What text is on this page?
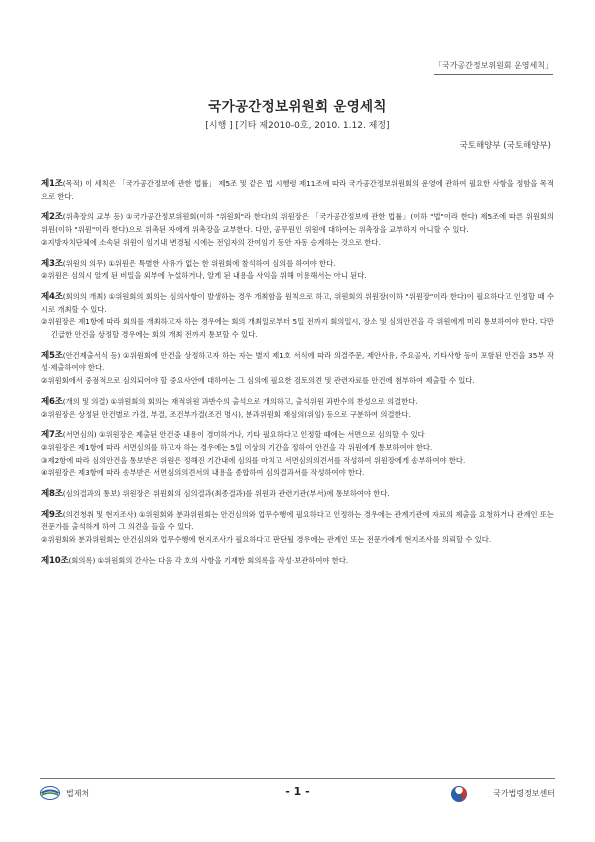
「국가공간정보위원회 운영세칙」
국가공간정보위원회 운영세칙
[시행 ] [기타 제2010-0호, 2010. 1.12. 제정]
국토해양부 (국토해양부)

제1조(목적) 이 세칙은 「국가공간정보에 관한 법률」 제5조 및 같은 법 시행령 제11조에 따라 국가공간정보위원회의 운영에 관하여 필요한 사항을 정함을 목적으로 한다.

제2조(위촉장의 교부 등) ①국가공간정보위원회(이하 "위원회"라 한다)의 위원장은 「국가공간정보에 관한 법률」(이하 "법"이라 한다) 제5조에 따른 위원회의 위원(이하 "위원"이라 한다)으로 위촉된 자에게 위촉장을 교부한다. 다만, 공무원인 위원에 대하여는 위촉장을 교부하지 아니할 수 있다.

②지방자치단체에 소속된 위원이 임기내 변경될 시에는 전임자의 잔여임기 동안 자동 승계하는 것으로 한다.

제3조(위원의 의무) ①위원은 특별한 사유가 없는 한 위원회에 참석하여 심의를 하여야 한다.

②위원은 심의시 알게 된 비밀을 외부에 누설하거나, 알게 된 내용을 사익을 위해 이용해서는 아니 된다.

제4조(회의의 개최) ①위원회의 회의는 심의사항이 발생하는 경우 개최함을 원칙으로 하고, 위원회의 위원장(이하 "위원장"이라 한다)이 필요하다고 인정할 때 수시로 개최할 수 있다.

②위원장은 제1항에 따라 회의를 개최하고자 하는 경우에는 회의 개최일로부터 5일 전까지 회의일시, 장소 및 심의안건을 각 위원에게 미리 통보하여야 한다. 다만 긴급한 안건을 상정할 경우에는 회의 개최 전까지 통보할 수 있다.

제5조(안건제출서식 등) ①위원회에 안건을 상정하고자 하는 자는 별지 제1호 서식에 따라 의결주문, 제안사유, 주요골자, 기타사항 등이 포함된 안건을 35부 작성·제출하여야 한다.

②위원회에서 중점적으로 심의되어야 할 중요사안에 대하여는 그 심의에 필요한 검토의견 및 관련자료를 안건에 첨부하여 제출할 수 있다.

제6조(개의 및 의결) ①위원회의 회의는 재적위원 과반수의 출석으로 개의하고, 출석위원 과반수의 찬성으로 의결한다.

②위원장은 상정된 안건별로 가결, 부결, 조건부가결(조건 명시), 분과위원회 재심의(위임) 등으로 구분하여 의결한다.

제7조(서면심의) ①위원장은 제출된 안건중 내용이 경미하거나, 기타 필요하다고 인정할 때에는 서면으로 심의할 수 있다

②위원장은 제1항에 따라 서면심의를 하고자 하는 경우에는 5일 이상의 기간을 정하여 안건을 각 위원에게 통보하여야 한다.

③제2항에 따라 심의안건을 통보받은 위원은 정해진 기간내에 심의를 마치고 서면심의의견서를 작성하여 위원장에게 송부하여야 한다.

④위원장은 제3항에 따라 송부받은 서면심의의견서의 내용을 종합하여 심의결과서를 작성하여야 한다.

제8조(심의결과의 통보) 위원장은 위원회의 심의결과(최종결과)를 위원과 관련기관(부서)에 통보하여야 한다.

제9조(의견청취 및 현지조사) ①위원회와 분과위원회는 안건심의와 업무수행에 필요하다고 인정하는 경우에는 관계기관에 자료의 제출을 요청하거나 관계인 또는 전문가를 출석하게 하여 그 의견을 들을 수 있다.

②위원회와 분과위원회는 안건심의와 업무수행에 현지조사가 필요하다고 판단될 경우에는 관계인 또는 전문가에게 현지조사를 의뢰할 수 있다.

제10조(회의록) ①위원회의 간사는 다음 각 호의 사항을 기재한 회의록을 작성·보관하여야 한다.

법제처	- 1 -	국가법령정보센터
